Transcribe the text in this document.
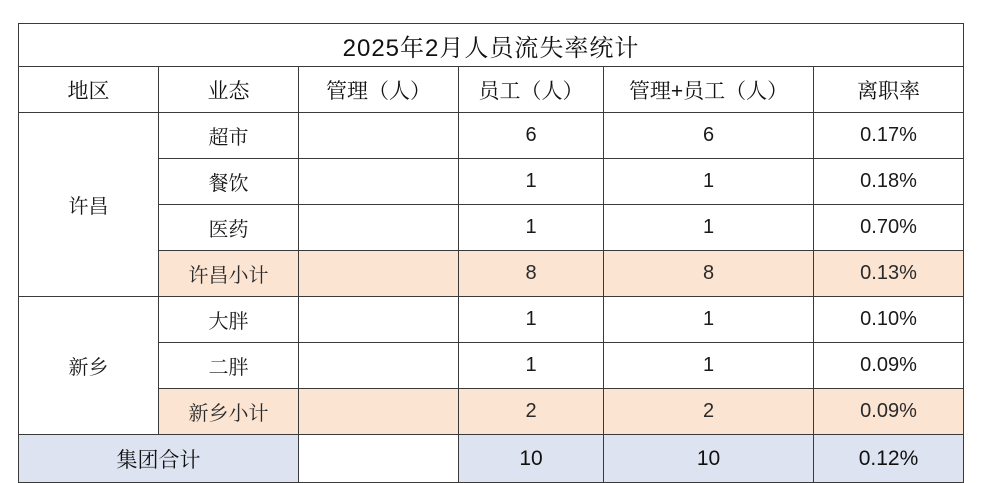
2025年2月人员流失率统计					
地区	业态	管理（人）	员工（人）	管理+员工（人）	离职率
许昌	超市		6	6	0.17%
	餐饮		1	1	0.18%
	医药		1	1	0.70%
	许昌小计		8	8	0.13%
新乡	大胖		1	1	0.10%
	二胖		1	1	0.09%
	新乡小计		2	2	0.09%
集团合计			10	10	0.12%
